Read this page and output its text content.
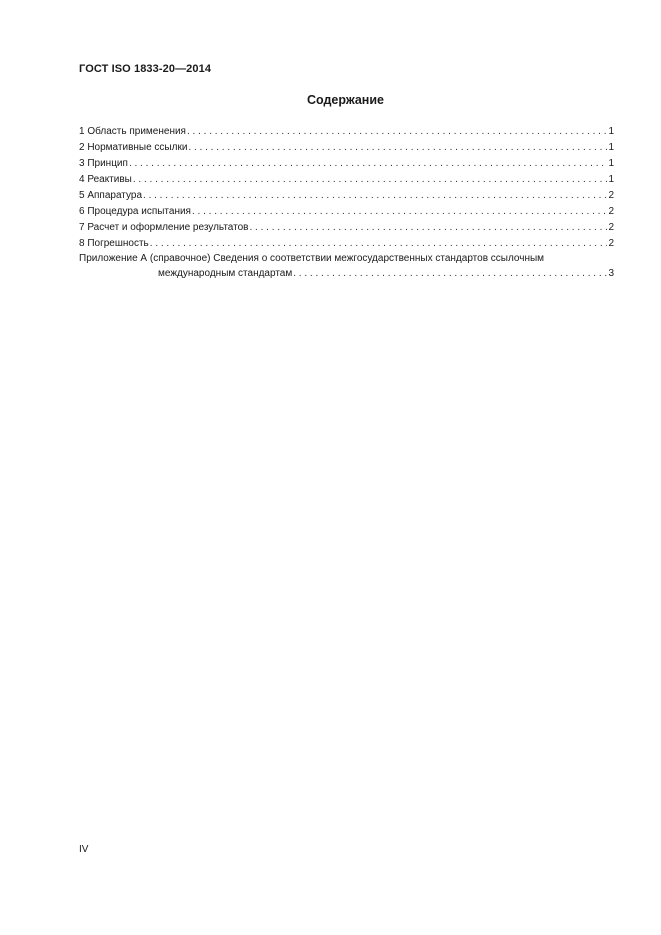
ГОСТ ISO 1833-20—2014
Содержание
1 Область применения . . .	1
2 Нормативные ссылки . . .	1
3 Принцип . . .	1
4 Реактивы . . .	1
5 Аппаратура . . .	2
6 Процедура испытания . . .	2
7 Расчет и оформление результатов . . .	2
8 Погрешность . . .	2
Приложение А (справочное) Сведения о соответствии межгосударственных стандартов ссылочным
международным стандартам . . .	3
IV
